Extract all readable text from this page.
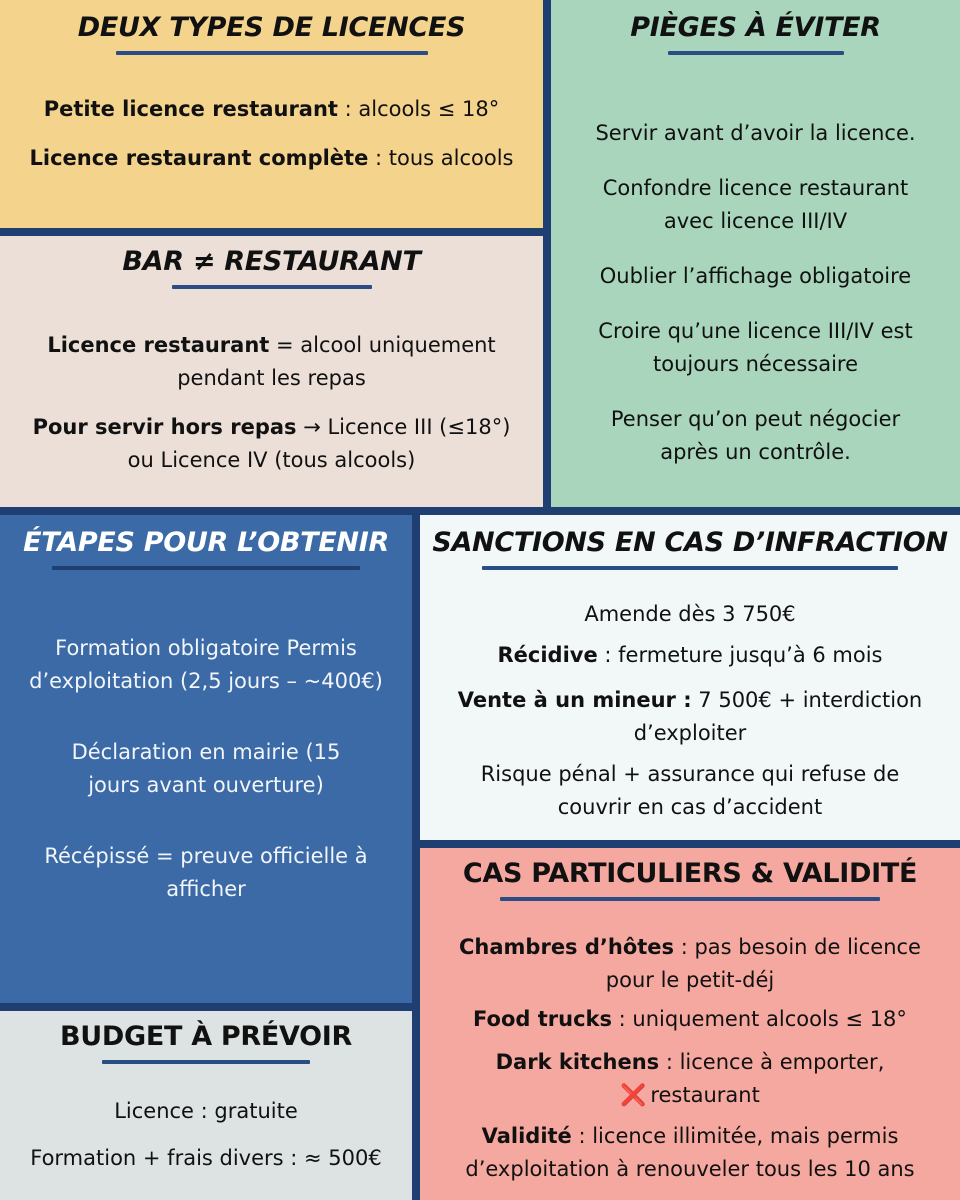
DEUX TYPES DE LICENCES

Petite licence restaurant : alcools ≤ 18°

Licence restaurant complète : tous alcools

PIÈGES À ÉVITER

Servir avant d’avoir la licence.

Confondre licence restaurant avec licence III/IV

Oublier l’affichage obligatoire

Croire qu’une licence III/IV est toujours nécessaire

Penser qu’on peut négocier après un contrôle.

BAR ≠ RESTAURANT

Licence restaurant = alcool uniquement pendant les repas

Pour servir hors repas → Licence III (≤18°) ou Licence IV (tous alcools)

ÉTAPES POUR L’OBTENIR

Formation obligatoire Permis d’exploitation (2,5 jours – ~400€)

Déclaration en mairie (15 jours avant ouverture)

Récépissé = preuve officielle à afficher

SANCTIONS EN CAS D’INFRACTION

Amende dès 3 750€

Récidive : fermeture jusqu’à 6 mois

Vente à un mineur : 7 500€ + interdiction d’exploiter

Risque pénal + assurance qui refuse de couvrir en cas d’accident

CAS PARTICULIERS & VALIDITÉ

Chambres d’hôtes : pas besoin de licence pour le petit-déj

Food trucks : uniquement alcools ≤ 18°

Dark kitchens : licence à emporter,
❌ restaurant

Validité : licence illimitée, mais permis d’exploitation à renouveler tous les 10 ans

BUDGET À PRÉVOIR

Licence : gratuite

Formation + frais divers : ≈ 500€
